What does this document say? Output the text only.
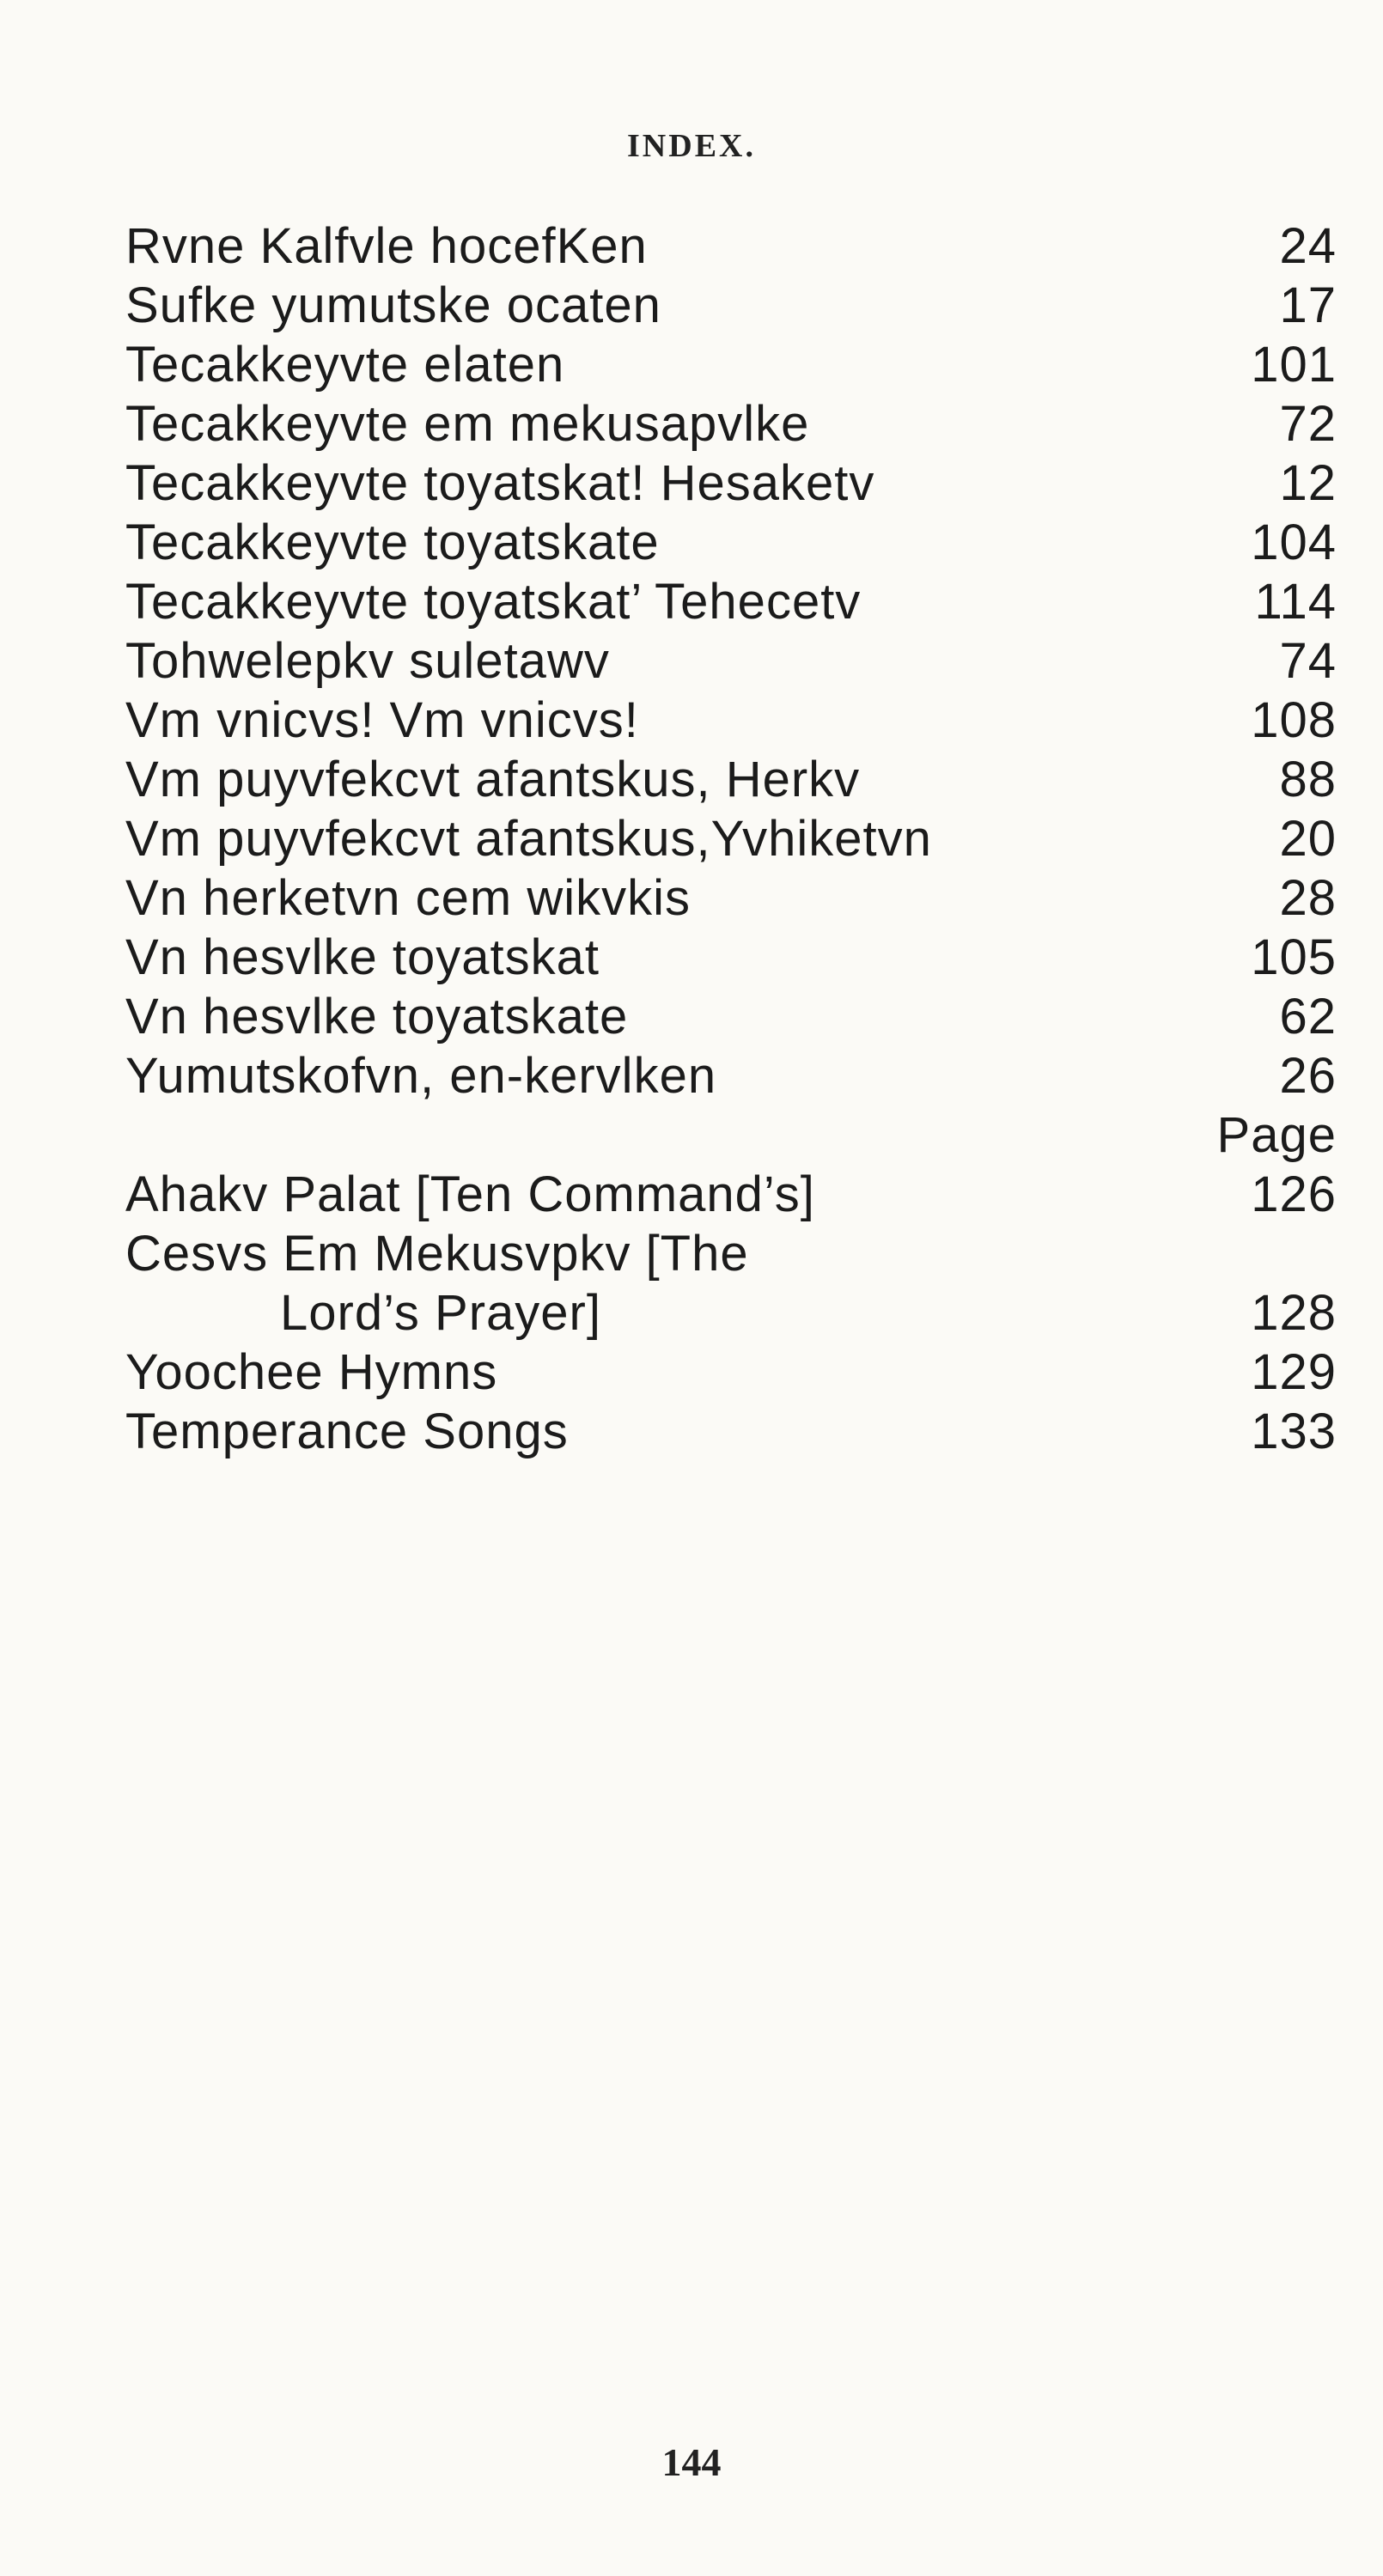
INDEX.
Rvne Kalfvle hocefKen	24
Sufke yumutske ocaten	17
Tecakkeyvte elaten	101
Tecakkeyvte em mekusapvlke	72
Tecakkeyvte toyatskat! Hesaketv	12
Tecakkeyvte toyatskate	104
Tecakkeyvte toyatskat’ Tehecetv	114
Tohwelepkv suletawv	74
Vm vnicvs! Vm vnicvs!	108
Vm puyvfekcvt afantskus, Herkv	88
Vm puyvfekcvt afantskus,Yvhiketvn	20
Vn herketvn cem wikvkis	28
Vn hesvlke toyatskat	105
Vn hesvlke toyatskate	62
Yumutskofvn, en-kervlken	26
Page
Ahakv Palat [Ten Command’s]	126
Cesvs Em Mekusvpkv [The
Lord’s Prayer]	128
Yoochee Hymns	129
Temperance Songs	133
144
